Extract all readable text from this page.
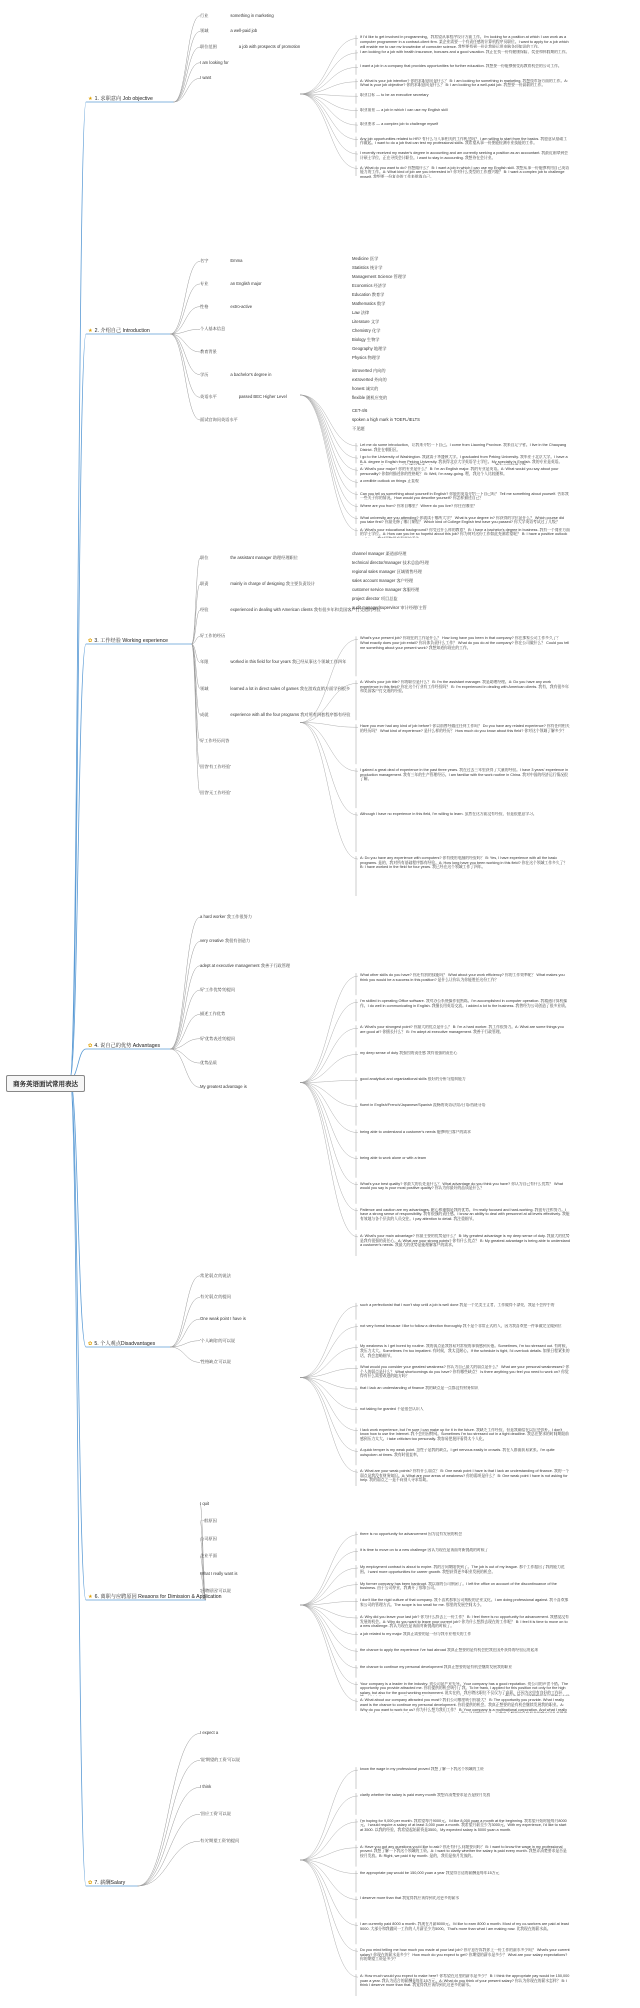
商务英语面试常用表达
★ 1. 求职意向 Job objective
行业	something in marketing
领域	a well-paid job
职位范围	a job with prospects of promotion
I am looking for
I want
If I'd like to get involved in programming，我希望从事程序设计方面工作。I'm looking for a position at which I can work as a computer programmer in a contract-client firm. 某企业需要一个有责任感的计算机程序员职位。I want to apply for a job which will enable me to use my knowledge of computer science. 我想要找到一份让我能运用电脑各项知识的工作。
I am looking for a job with health insurance, bonuses and a good vacation. 我正在找一份有健康保险、奖金和休假期的工作。
I want a job in a company that provides opportunities for further education. 我想要一份能够接受再教育机会的公司工作。
A: What is your job intention? 你的求职意向是什么？ B: I am looking for something in marketing. 我想找市场方面的工作。A: What is your job objective? 你的求职意向是什么？ B: I am looking for a well-paid job. 我想要一份高薪的工作。
职业目标 — to be an executive secretary
职业前景 — a job in which I can use my English skill
职业要求 — a complex job to challenge myself
Any job opportunities related to HR? 有什么与人事相关的工作机会吗？ I am willing to start from the basics. 我愿意从基础工作做起。I want to do a job that can test my professional skills. 我希望从事一份要能检测专业技能的工作。
I recently received my master's degree in accounting and am currently seeking a position as an accountant. 我最近刚拿到会计硕士学位，正在寻找会计职位。I want to stay in accounting. 我想待在会计业。
A: What do you want to do? 你想做什么？ B: I want a job in which I can use my English skill. 我想从事一份能够利用自己英语能力的工作。A: What kind of job are you interested in? 你对什么类型的工作感兴趣？ B: I want a complex job to challenge myself. 我想要一份复杂的工作来挑战自己。
★ 2. 介绍自己 Introduction
名字	Emma
专业	an English major
性格	extro-active
个人基本信息
教育背景
学历	a bachelor's degree in
英语水平	passed BEC Higher Level
面试官询问英语水平
Medicine 医学
Statistics 统计学
Management Science 管理学
Economics 经济学
Education 教育学
Mathematics 数学
Law 法律
Literature 文学
Chemistry 化学
Biology 生物学
Geography 地理学
Physics 物理学
introverted 内向的
extroverted 外向的
honest 诚实的
flexible 随机应变的
CET-4/6
spoken a high mark in TOEFL/IELTS
不见题
Let me do some introduction，让我来介绍一下自己。I come from Liaoning Province. 我来自辽宁省。I live in the Chaoyang District. 我住在朝阳区。
I go to the University of Washington. 我就读于华盛顿大学。I graduated from Peking University. 我毕业于北京大学。I have a B.A. degree in English from Peking University. 我获得北京大学英语学士学位。My specialty is English. 我的专业是英语。
A: What's your major? 你的专业是什么？ B: I'm an English major. 我的专业是英语。A: What would you say about your personality? 你如何描述你的性格呢？ B: Well, I'm easy-going. 嗯，我这个人比较随和。
a credible outlook on things 正直观
Can you tell us something about yourself in English? 你能用英语介绍一下自己吗？ Tell me something about yourself. 告诉我一些关于你的情况。How would you describe yourself? 你怎样描述自己？
Where are you from? 你来自哪里？ Where do you live? 你住在哪里？
What university are you attending? 你就读于哪所大学？ What is your degree in? 你获得的学位是什么？ Which course did you take first? 你最先修了哪门课程？ Which kind of College English test have you passed? 你大学英语考试过了几级？
A: What's your educational background? 你受过什么样的教育？ B: I have a bachelor's degree in business. 我有一个商业方面的学士学位。A: How can you be so hopeful about this job? 你为何对这份工作如此充满希望呢？ B: I have a positive outlook
✿ 3. 工作经验 Working experience
职位	the assistant manager 助理经理职位
职责	mainly in charge of designing 我主要负责设计
经验	experienced in dealing with American clients 我有很多年和美国客户打交道的经验
好工作的经历
年限	worked in this field for four years 我已经从事这个领域工作四年
领域	learned a lot in direct sales of games 我在游戏直销方面学到很多
成就	experience with all the four programs 我对所有四套程序都有经验
好工作经历问答
回答'有工作经验'
回答'无工作经验'
channel manager 渠道部经理
technical director/manager 技术总监/经理
regional sales manager 区域销售经理
sales account manager 客户经理
customer service manager 客服经理
project director 项目总监
audit manager/supervisor 审计经理/主管
What's your present job? 你现在的工作是什么？ How long have you been in that company? 你在那家公司工作多久了？ What exactly does your job entail? 你具体负责什么工作？ What do you do at the company? 你在公司做什么？ Could you tell me something about your present work? 我想知道你现在的工作。
A: What's your job title? 你的职位是什么？ B: I'm the assistant manager. 我是助理经理。A: Do you have any work experience in this field? 你在这个行业有工作经验吗？ B: I'm experienced in dealing with American clients. 我有，我有很多年和美国客户打交道的经验。
Have you ever had any kind of job before? 你以前曾经做过任何工作吗？ Do you have any related experience? 你有任何相关的经历吗？ What kind of experience? 是什么样的经历？ How much do you know about this field? 你对这个领域了解多少？
I gained a great deal of experience in the past three years. 我在过去三年里获得了大量的经验。I have 3 years' experience in production management. 我有三年的生产管理经历。I am familiar with the work routine in China. 我对中国的经济运行情况很了解。
Although I have no experience in this field, I'm willing to learn. 虽然在这方面没有经验，但是很愿意学习。
A: Do you have any experience with computers? 你有使用电脑的经验吗？ B: Yes, I have experience with all the basic programs. 是的，我对所有基础程序都有经验。A: How long have you been working in this field? 你在这个领域工作多久了？ B: I have worked in the field for four years. 我已经在这个领域工作了四年。
✿ 4. 说自己的优势 Advantages
a hard worker 我工作很努力
very creative 我很有创造力
adept at executive management 我善于行政管理
好'工作优势'的提问
描述工作优势
好'优势表述'的提问
优势品质
My greatest advantage is
What other skills do you have? 你还有别的技能吗？ What about your work efficiency? 你的工作效率呢？ What makes you think you would be a success in this position? 是什么让你认为你能胜任这份工作？
I'm skilled in operating Office software. 我对办公系统操作很熟练。I'm accomplished in computer operation. 我精通计算机操作。I do well in communicating in English. 我擅长用英语交流。I added a lot to the business. 我曾经为公司创造了很多业绩。
A: What's your strongest point? 你最大的优点是什么？ B: I'm a hard worker. 我工作很努力。A: What are some things you are good at? 你擅长什么？ B: I'm adept at executive management. 我善于行政管理。
my deep sense of duty 我强烈的责任感 我有很强的责任心
good analytical and organizational skills 很好的分析与组织能力
fluent in English/French/Japanese/Spanish 流畅的英语/法语/日语/西班牙语
being able to understand a customer's needs 能够明白客户的需求
being able to work alone or with a team
What's your best quality? 你最大的长处是什么？ What advantage do you think you have? 你认为自己有什么优势？ What would you say is your most positive quality? 你认为你最好的品质是什么？
Patience and caution are my advantages. 耐心和谨慎是我的优势。I'm really focused and hard-working. 我很专注和努力。I have a strong sense of responsibility. 我有很强的责任感。I know an ability to deal with personnel at all levels effectively. 我能有效地与各个层次的人员交往。I pay attention to detail. 我注重细节。
A: What's your main advantage? 你最主要的优势是什么？ B: My greatest advantage is my deep sense of duty. 我最大的优势是我有很强的责任心。A: What are your strong points? 你有什么优点？ B: My greatest advantage is being able to understand a customer's needs. 我最大的优势是能理解客户的需求。
✿ 5. 个人观点Disadvantages
常见'弱点'的说法
有关'弱点'的提问
One weak point I have is
'个人缺陷'的可以说
'性格缺点'可以说
such a perfectionist that I won't stop until a job is well done 我是一个完美主义者，工作做得不漂亮，我是不会停手的
not very formal because I like to follow a direction thoroughly 我不是个非常正式的人，因为我喜欢把一件事做完全做到位
My weakness is I get bored by routine. 我的弱点是我容易对常规的事情感到厌倦。Sometimes, I'm too stressed out. 有时候，我压力太大。Sometimes I'm too impatient. 有时候，我太没耐心。If the schedule is tight, I'd overlook details. 如果日程紧张的话，我会忽略细节。
What would you consider your greatest weakness? 你认为自己最大的弱点是什么？ What are your personal weaknesses? 你个人的弱点是什么？ What shortcomings do you have? 你有哪些缺点？ Is there anything you feel you need to work on? 你觉得有什么需要改进的地方吗？
that I lack an understanding of finance 我的缺点是一点都没有财务知识
not taking for granted 不是很会认识人
I lack work experience, but I'm sure I can make up for it in the future. 我缺乏工作经验，但是我确信在以后会弥补。I don't know how to use the Internet. 我不会用因特网。Sometimes I'm too stressed out in a tight deadline. 我总在要求的时间期限前感到压力太大。I take criticism too personally. 我容易把批评看得太个人化。
A quick temper is my weak point. 急性子是我的缺点。I get nervous easily in crowds. 我在人群面前易紧张。I'm quite outspoken at times. 我有时很直率。
A: What are your weak points? 你有什么弱点？ B: One weak point I have is that I lack an understanding of finance. 我的一个弱点是我没有财务知识。A: What are your areas of weakness? 你的弱项是什么？ B: One weak point I have is not asking for help. 我的弱点之一是不向别人寻求帮助。
★ 6. 离职与应聘原因 Reasons for Dimission & Application
I quit
一般原因
公司原因
企业平面
What I really want is
'应聘原因'可以说
there is no opportunity for advancement 因为没有发展的机会
it is time to move on to a new challenge 因认为现在是该面对新挑战的时候了
My employment contract is about to expire. 我的合同期限快到了。The job is out of my league. 那个工作超出了我的能力范围。I want more opportunities for career growth. 我想获得更多职业发展的机会。
My former company has been bankrupt. 我以前的公司倒闭了。I left the office on account of the discontinuance of the business. 由于公司停业，我离开了那家公司。
I don't like the rigid culture of that company. 我不喜欢那家公司刻板的企业文化。I am doing professional against. 我不喜欢那家公司的管理方式。The scope is too small for me. 那里的发展空间太小。
A: Why did you leave your last job? 你为什么辞去上一份工作？ B: I feel there is no opportunity for advancement. 我感觉没有发展的机会。A: Why do you want to leave your current job? 你为什么想辞去现在的工作呢？ B: I feel it is time to move on to a new challenge. 我认为现在是该面对新挑战的时候了。
a job related to my major 我真正需要的是一份与我专业相关的工作
the chance to apply the experience I've had abroad 我真正想要的是有机会把我在国外获得的经验运用起来
the chance to continue my personal development 我真正想要的是有机会继续发展我的职业
Your company is a leader in the industry. 贵公司是产业先导。Your company has a good reputation. 贵公司的声誉不错。The opportunity you provide attracted me. 你们提供的机会吸引了我。To be frank, I applied for this position not only for the high salary, but also for the good working environment. 说实在的，我应聘这职位不仅仅为了高薪，还因为这里有良好的工作环
A: What about our company attracted you most? 我们公司哪里吸引你最大？ B: The opportunity you provide. What I really want is the chance to continue my personal development. 你们提供的机会。我真正想要的是有机会继续发展我的职业。A: Why do you want to work for us? 你为什么想为我们工作？ B: Your company is a multinational corporation. And what I really
✿ 7. 薪酬Salary
I expect a
'说'期望的工资'可以说
I think
'回应工资'可以说
有关'期望工资'的提问
know the wage in my professional proved 我想了解一下我这个领域的工资
clarify whether the salary is paid every month 我想弄清楚要求是否是按月发放
I'm hoping for 9,000 per month. 我希望每月9000元。I'd like 8,000 yuan a month at the beginning. 我希望开始时能每月8000元。I would require a salary of at least 3,000 yuan a month. 我希望月薪至少为3000元。With my experience, I'd like to start at 3500. 以我的经验，我希望起始薪资是3500。My expected salary is 5000 yuan a month.
A: Have you got any questions you'd like to ask? 你还有什么问题要问吗？ B: I want to know the wage in my professional proved. 我想了解一下我这个领域的工资。A: I want to clarify whether the salary is paid every month. 我想弄清楚要求是否是按月发放。B: Right, we paid it by month. 是的，我们是按月发放的。
the appropriate pay would be 150,000 yuan a year 我觉得合适的薪酬是每年15万元
I deserve more than that 我觉得我应该得到比这更多的薪水
I am currently paid 8000 a month. 我现在月薪8000元。I'd like to earn 8000 a month. Most of my co-workers are paid at least 5000. 大部分和我做同一工作的人月薪至少为5000。That's more than what I am making now. 比我现在的薪水高。
Do you mind telling me how much you made at your last job? 你介意告诉我你上一份工作的薪水多少吗？ What's your current salary? 你现在的薪水是多少？ How much do you expect to get? 你期望的薪水是多少？ What are your salary expectations? 你的期望工资是多少？
A: How much would you expect to make here? 你希望在这里的薪水是多少？ B: I think the appropriate pay would be 150,000 yuan a year. 我认为适合的薪酬是每年15万元。A: What do you think of your present salary? 你认为你现在的薪水怎样？ B: I think I deserve more than that. 我觉得我应该得到比这更多的薪水。
